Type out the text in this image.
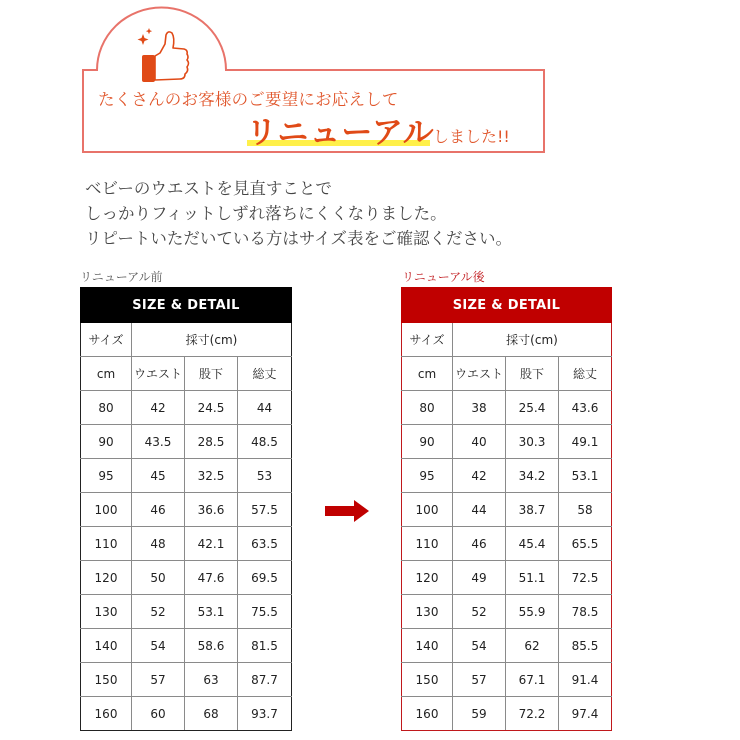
たくさんのお客様のご要望にお応えして
リニューアル
しました!!
ベビーのウエストを見直すことで
しっかりフィットしずれ落ちにくくなりました。
リピートいただいている方はサイズ表をご確認ください。
リニューアル前	リニューアル後
SIZE & DETAIL			
サイズ	採寸(cm)		
cm	ウエスト	股下	総丈
80	42	24.5	44
90	43.5	28.5	48.5
95	45	32.5	53
100	46	36.6	57.5
110	48	42.1	63.5
120	50	47.6	69.5
130	52	53.1	75.5
140	54	58.6	81.5
150	57	63	87.7
160	60	68	93.7
SIZE & DETAIL			
サイズ	採寸(cm)		
cm	ウエスト	股下	総丈
80	38	25.4	43.6
90	40	30.3	49.1
95	42	34.2	53.1
100	44	38.7	58
110	46	45.4	65.5
120	49	51.1	72.5
130	52	55.9	78.5
140	54	62	85.5
150	57	67.1	91.4
160	59	72.2	97.4
